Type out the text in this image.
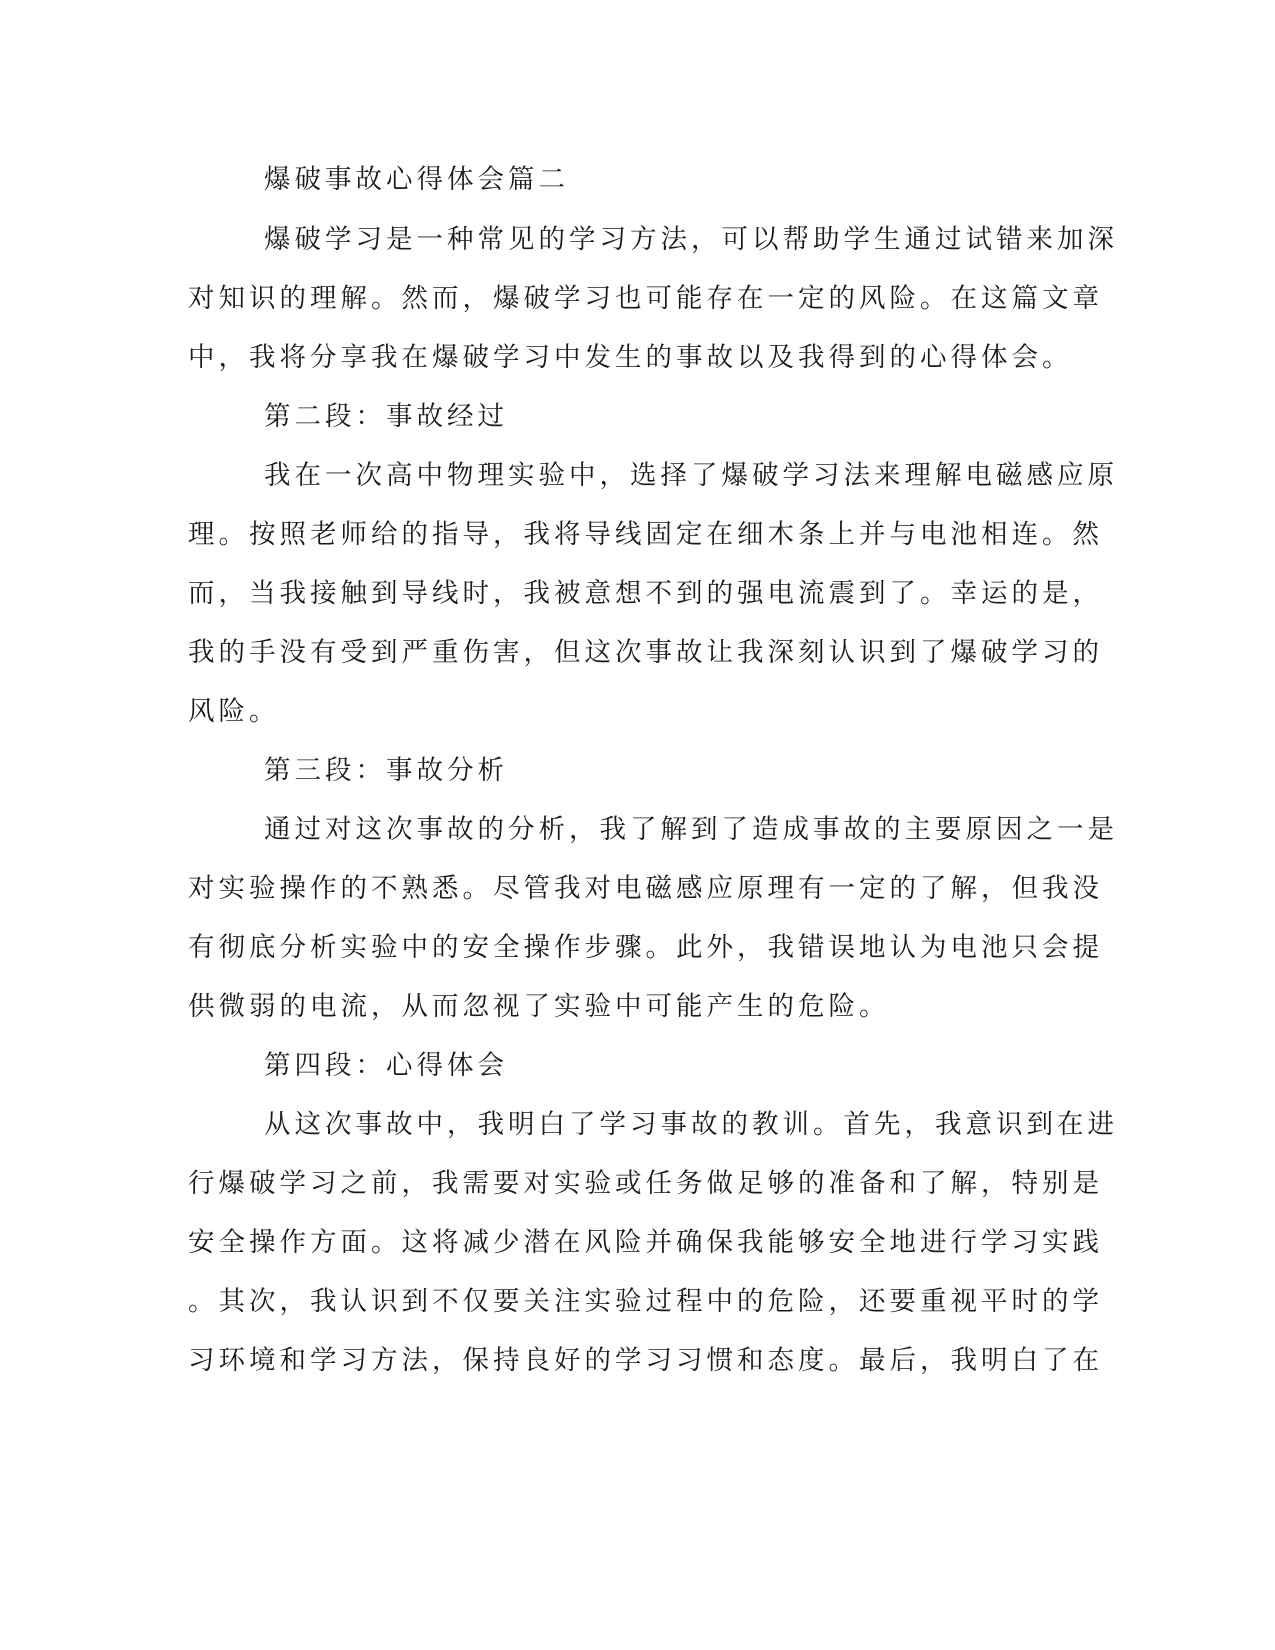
爆破事故心得体会篇二
爆破学习是一种常见的学习方法，可以帮助学生通过试错来加深
对知识的理解。然而，爆破学习也可能存在一定的风险。在这篇文章
中，我将分享我在爆破学习中发生的事故以及我得到的心得体会。
第二段：事故经过
我在一次高中物理实验中，选择了爆破学习法来理解电磁感应原
理。按照老师给的指导，我将导线固定在细木条上并与电池相连。然
而，当我接触到导线时，我被意想不到的强电流震到了。幸运的是，
我的手没有受到严重伤害，但这次事故让我深刻认识到了爆破学习的
风险。
第三段：事故分析
通过对这次事故的分析，我了解到了造成事故的主要原因之一是
对实验操作的不熟悉。尽管我对电磁感应原理有一定的了解，但我没
有彻底分析实验中的安全操作步骤。此外，我错误地认为电池只会提
供微弱的电流，从而忽视了实验中可能产生的危险。
第四段：心得体会
从这次事故中，我明白了学习事故的教训。首先，我意识到在进
行爆破学习之前，我需要对实验或任务做足够的准备和了解，特别是
安全操作方面。这将减少潜在风险并确保我能够安全地进行学习实践
。其次，我认识到不仅要关注实验过程中的危险，还要重视平时的学
习环境和学习方法，保持良好的学习习惯和态度。最后，我明白了在
